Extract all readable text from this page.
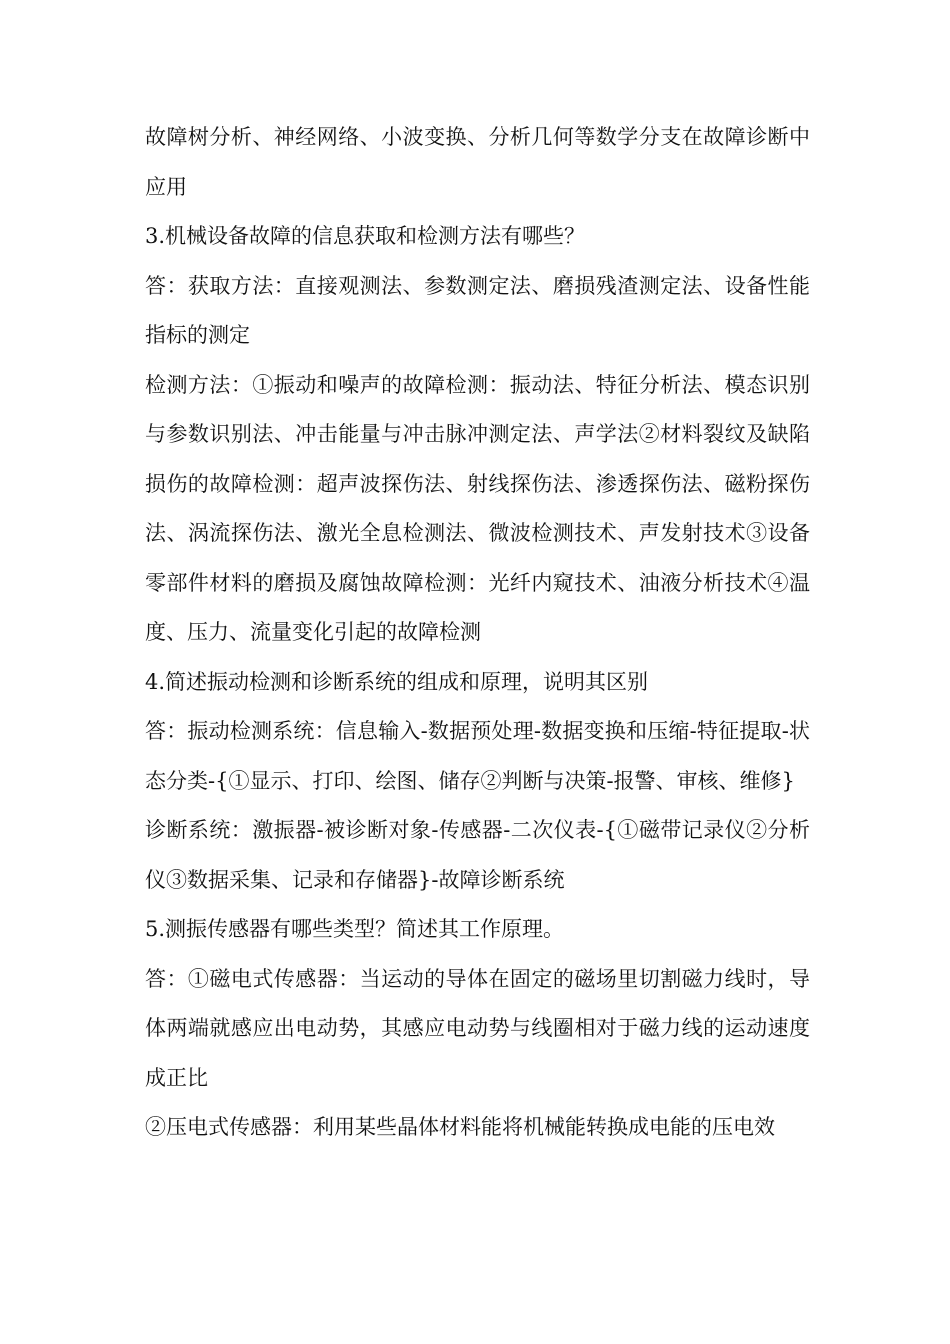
故障树分析、神经网络、小波变换、分析几何等数学分支在故障诊断中应用

3.机械设备故障的信息获取和检测方法有哪些？

答：获取方法：直接观测法、参数测定法、磨损残渣测定法、设备性能指标的测定

检测方法：①振动和噪声的故障检测：振动法、特征分析法、模态识别与参数识别法、冲击能量与冲击脉冲测定法、声学法②材料裂纹及缺陷损伤的故障检测：超声波探伤法、射线探伤法、渗透探伤法、磁粉探伤法、涡流探伤法、激光全息检测法、微波检测技术、声发射技术③设备零部件材料的磨损及腐蚀故障检测：光纤内窥技术、油液分析技术④温度、压力、流量变化引起的故障检测

4.简述振动检测和诊断系统的组成和原理，说明其区别

答：振动检测系统：信息输入-数据预处理-数据变换和压缩-特征提取-状态分类-{①显示、打印、绘图、储存②判断与决策-报警、审核、维修}

诊断系统：激振器-被诊断对象-传感器-二次仪表-{①磁带记录仪②分析仪③数据采集、记录和存储器}-故障诊断系统

5.测振传感器有哪些类型？简述其工作原理。

答：①磁电式传感器：当运动的导体在固定的磁场里切割磁力线时，导体两端就感应出电动势，其感应电动势与线圈相对于磁力线的运动速度成正比

②压电式传感器：利用某些晶体材料能将机械能转换成电能的压电效
